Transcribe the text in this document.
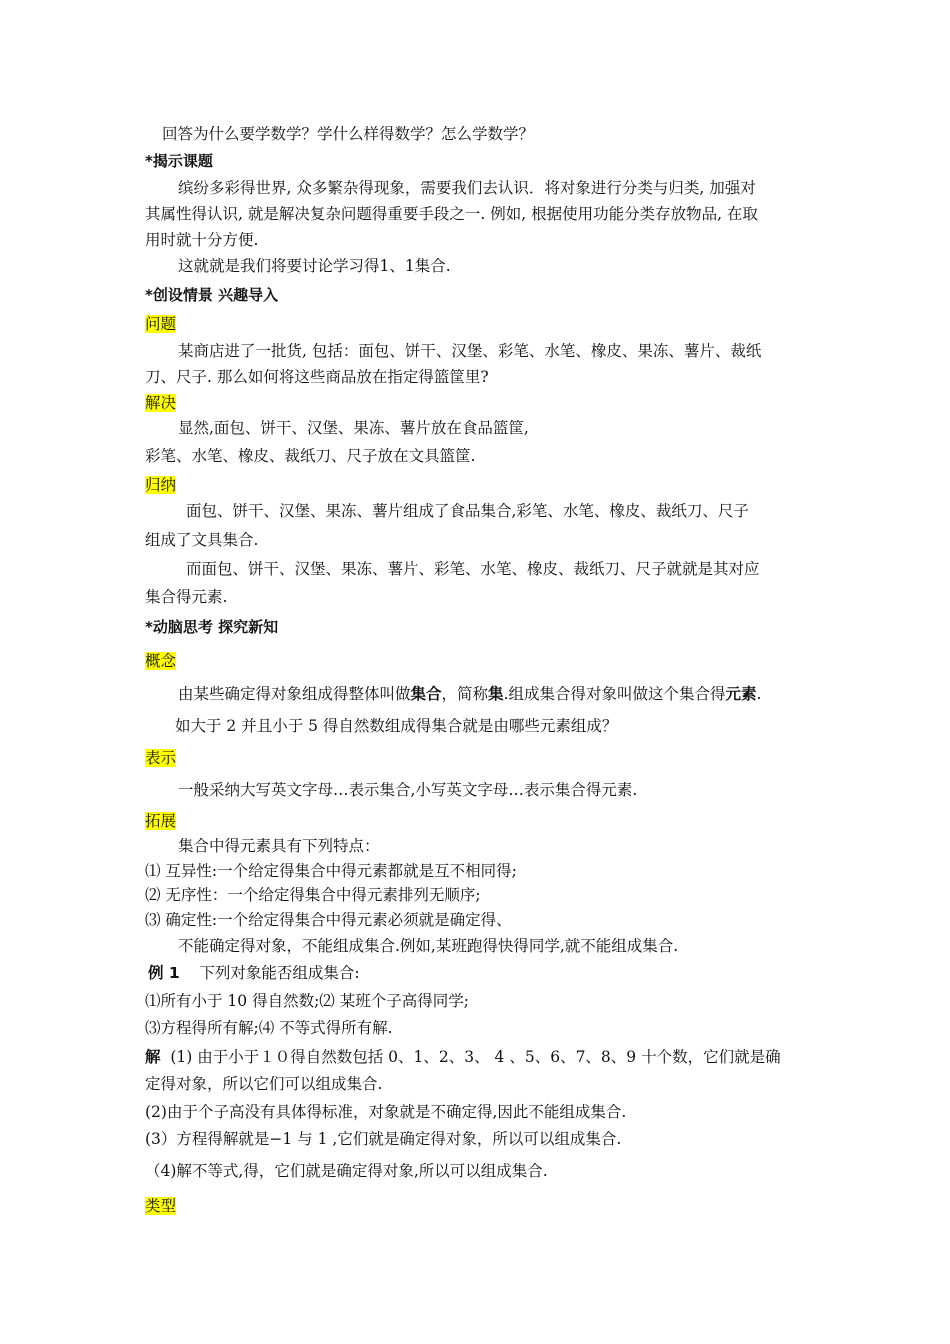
回答为什么要学数学？学什么样得数学？怎么学数学？
*揭示课题
缤纷多彩得世界, 众多繁杂得现象，需要我们去认识．将对象进行分类与归类, 加强对
其属性得认识, 就是解决复杂问题得重要手段之一. 例如, 根据使用功能分类存放物品, 在取
用时就十分方便.
这就就是我们将要讨论学习得1、1集合.
*创设情景 兴趣导入
问题
某商店进了一批货, 包括：面包、饼干、汉堡、彩笔、水笔、橡皮、果冻、薯片、裁纸
刀、尺子. 那么如何将这些商品放在指定得篮筐里?
解决
显然,面包、饼干、汉堡、果冻、薯片放在食品篮筐,
彩笔、水笔、橡皮、裁纸刀、尺子放在文具篮筐.
归纳
面包、饼干、汉堡、果冻、薯片组成了食品集合,彩笔、水笔、橡皮、裁纸刀、尺子
组成了文具集合.
而面包、饼干、汉堡、果冻、薯片、彩笔、水笔、橡皮、裁纸刀、尺子就就是其对应
集合得元素.
*动脑思考 探究新知
概念
由某些确定得对象组成得整体叫做集合，简称集.组成集合得对象叫做这个集合得元素.
如大于 2 并且小于 5 得自然数组成得集合就是由哪些元素组成？
表示
一般采纳大写英文字母…表示集合,小写英文字母…表示集合得元素.
拓展
集合中得元素具有下列特点：
⑴ 互异性:一个给定得集合中得元素都就是互不相同得;
⑵ 无序性：一个给定得集合中得元素排列无顺序;
⑶ 确定性:一个给定得集合中得元素必须就是确定得、
不能确定得对象，不能组成集合.例如,某班跑得快得同学,就不能组成集合.
例 1 下列对象能否组成集合:
⑴所有小于 10 得自然数;⑵ 某班个子高得同学;
⑶方程得所有解;⑷ 不等式得所有解.
解 (1) 由于小于１０得自然数包括 0、1、2、3、 4 、5、6、7、8、9 十个数，它们就是确
定得对象，所以它们可以组成集合.
(2)由于个子高没有具体得标准，对象就是不确定得,因此不能组成集合.
(3）方程得解就是−1 与 1 ,它们就是确定得对象，所以可以组成集合.
（4)解不等式,得，它们就是确定得对象,所以可以组成集合.
类型
